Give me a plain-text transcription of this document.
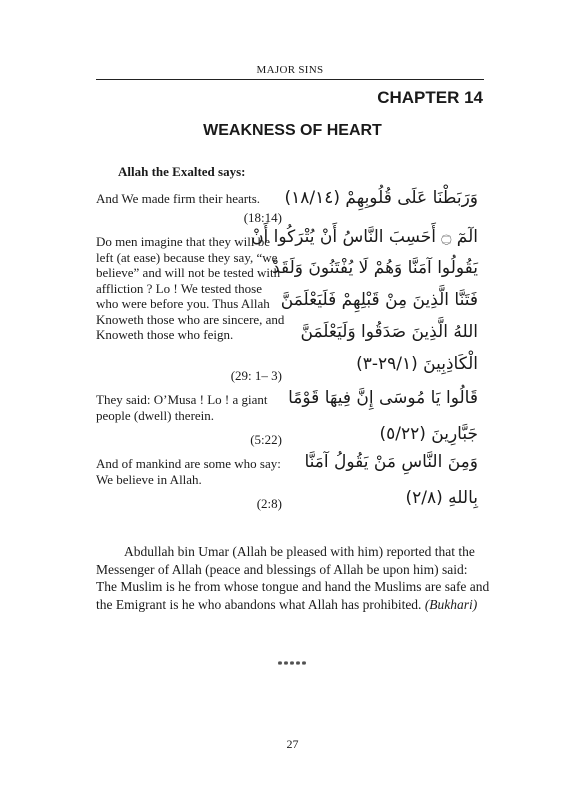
MAJOR SINS
CHAPTER 14
WEAKNESS OF HEART
Allah the Exalted says:
And We made firm their hearts.
(18:14)
وَرَبَطْنَا عَلَى قُلُوبِهِمْ (١٨/١٤)
Do men imagine that they will be left (at ease) because they say, “we believe” and will not be tested with affliction ? Lo ! We tested those who were before you. Thus Allah Knoweth those who are sincere, and Knoweth those who feign.
(29: 1– 3)
الٓمٓ ۝ أَحَسِبَ النَّاسُ أَنْ يُتْرَكُوا أَنْ
يَقُولُوا آمَنَّا وَهُمْ لَا يُفْتَنُونَ وَلَقَدْ
فَتَنَّا الَّذِينَ مِنْ قَبْلِهِمْ فَلَيَعْلَمَنَّ
اللهُ الَّذِينَ صَدَقُوا وَلَيَعْلَمَنَّ
الْكَاذِبِينَ (٢٩/١-٣)
They said: O’Musa ! Lo ! a giant people (dwell) therein.
(5:22)
قَالُوا يَا مُوسَى إِنَّ فِيهَا قَوْمًا
جَبَّارِينَ (٥/٢٢)
And of mankind are some who say: We believe in Allah.
(2:8)
وَمِنَ النَّاسِ مَنْ يَقُولُ آمَنَّا
بِاللهِ (٢/٨)

Abdullah bin Umar (Allah be pleased with him) reported that the Messenger of Allah (peace and blessings of Allah be upon him) said: The Muslim is he from whose tongue and hand the Muslims are safe and the Emigrant is he who abandons what Allah has prohibited. (Bukhari)

*****
27
